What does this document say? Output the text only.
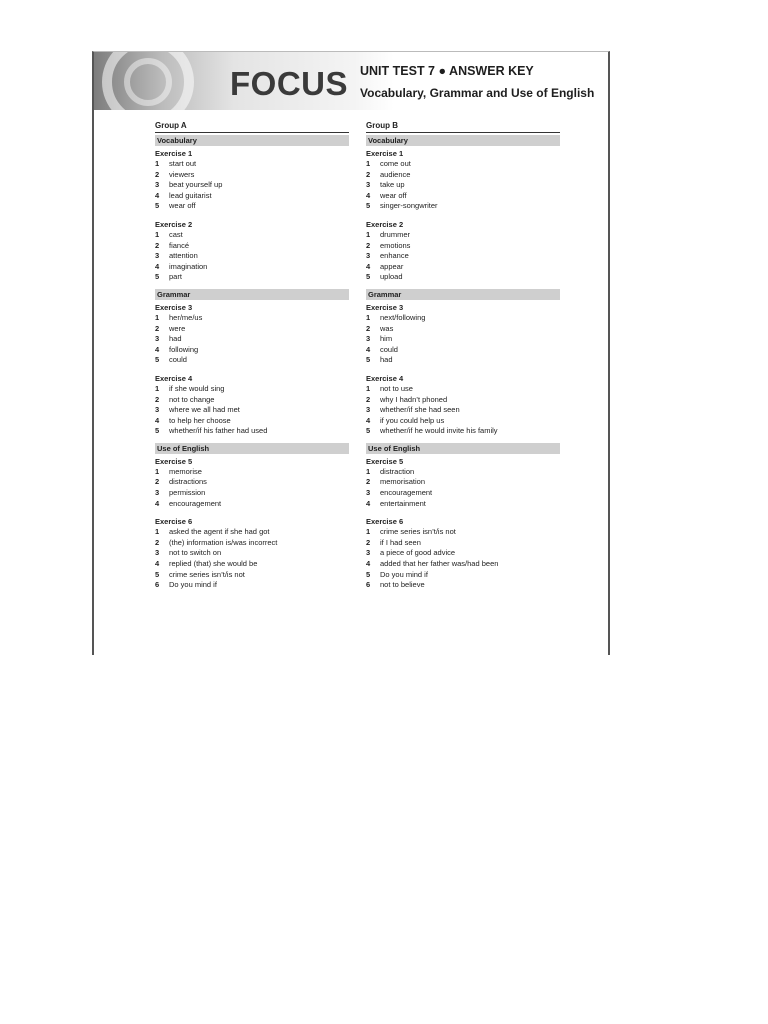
FOCUS UNIT TEST 7 ● ANSWER KEY
Vocabulary, Grammar and Use of English
Group A
Vocabulary
Exercise 1
1 start out
2 viewers
3 beat yourself up
4 lead guitarist
5 wear off
Exercise 2
1 cast
2 fiancé
3 attention
4 imagination
5 part
Grammar
Exercise 3
1 her/me/us
2 were
3 had
4 following
5 could
Exercise 4
1 if she would sing
2 not to change
3 where we all had met
4 to help her choose
5 whether/if his father had used
Use of English
Exercise 5
1 memorise
2 distractions
3 permission
4 encouragement
Exercise 6
1 asked the agent if she had got
2 (the) information is/was incorrect
3 not to switch on
4 replied (that) she would be
5 crime series isn’t/is not
6 Do you mind if
Group B
Vocabulary
Exercise 1
1 come out
2 audience
3 take up
4 wear off
5 singer-songwriter
Exercise 2
1 drummer
2 emotions
3 enhance
4 appear
5 upload
Grammar
Exercise 3
1 next/following
2 was
3 him
4 could
5 had
Exercise 4
1 not to use
2 why I hadn’t phoned
3 whether/if she had seen
4 if you could help us
5 whether/if he would invite his family
Use of English
Exercise 5
1 distraction
2 memorisation
3 encouragement
4 entertainment
Exercise 6
1 crime series isn’t/is not
2 if I had seen
3 a piece of good advice
4 added that her father was/had been
5 Do you mind if
6 not to believe
